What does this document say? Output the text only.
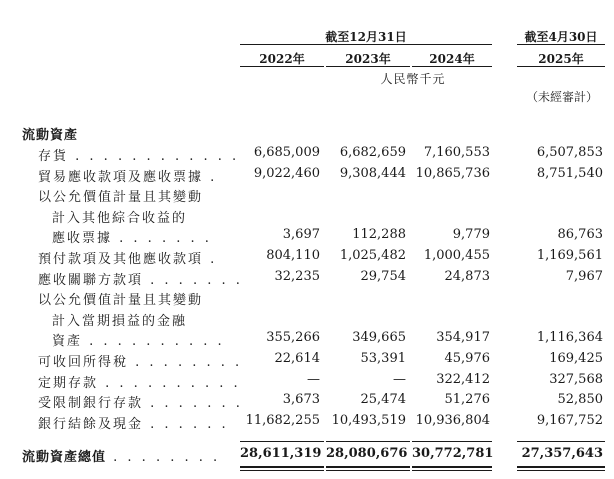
截至12月31日	截至4月30日
2022年	2023年	2024年	2025年
人民幣千元
（未經審計）
流動資產
存貨 . . . . . . . . . . . .	6,685,009	6,682,659	7,160,553	6,507,853
貿易應收款項及應收票據 .	9,022,460	9,308,444 10,865,736	8,751,540
以公允價值計量且其變動
計入其他綜合收益的
應收票據 . . . . . . .	3,697	112,288	9,779	86,763
預付款項及其他應收款項 .	804,110	1,025,482	1,000,455	1,169,561
應收關聯方款項 . . . . . . .	32,235	29,754	24,873	7,967
以公允價值計量且其變動
計入當期損益的金融
資產 . . . . . . . . . .	355,266	349,665	354,917	1,116,364
可收回所得稅 . . . . . . . .	22,614	53,391	45,976	169,425
定期存款 . . . . . . . . . .	—	—	322,412	327,568
受限制銀行存款 . . . . . . .	3,673	25,474	51,276	52,850
銀行結餘及現金 . . . . . .	11,682,255 10,493,519 10,936,804	9,167,752
流動資產總值 . . . . . . . . 28,611,319 28,080,676 30,772,781	27,357,643
